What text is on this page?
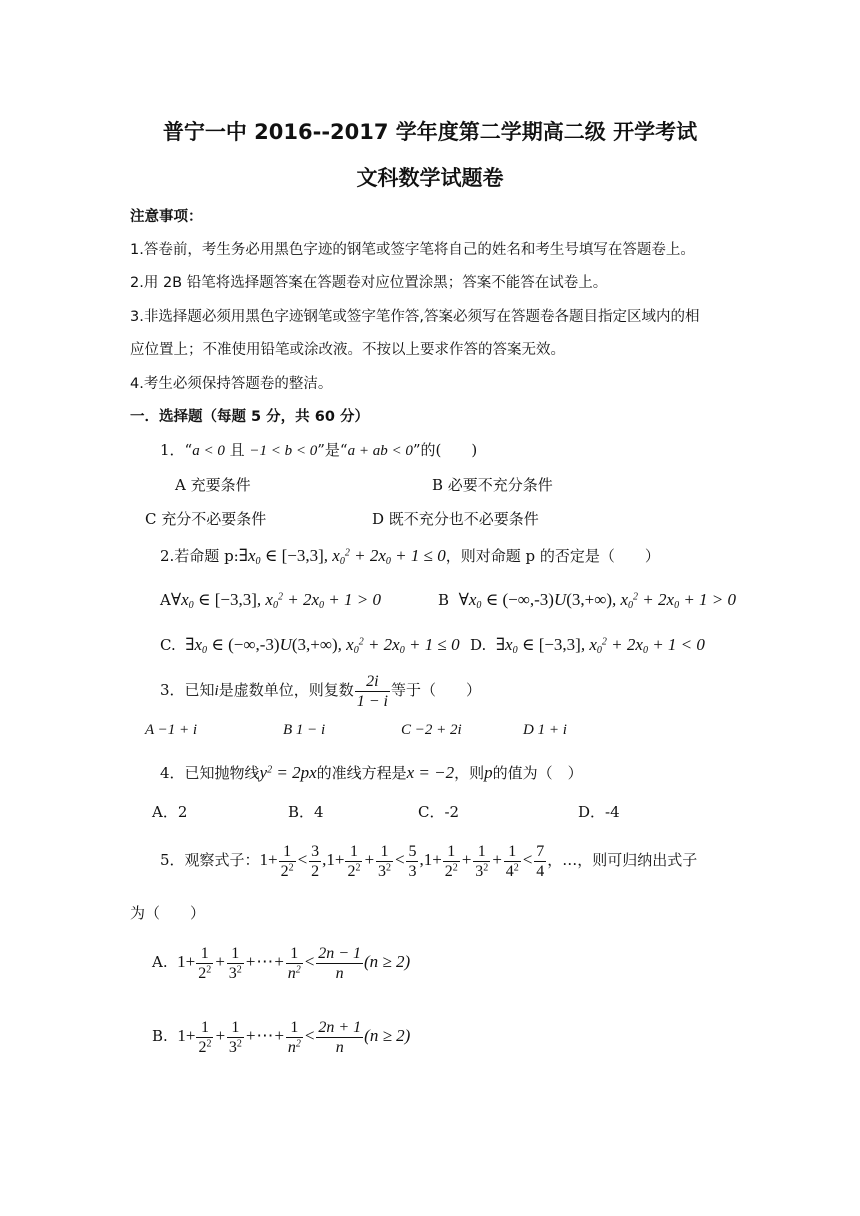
普宁一中 2016--2017 学年度第二学期高二级 开学考试
文科数学试题卷
注意事项：
1.答卷前，考生务必用黑色字迹的钢笔或签字笔将自己的姓名和考生号填写在答题卷上。
2.用 2B 铅笔将选择题答案在答题卷对应位置涂黑；答案不能答在试卷上。
3.非选择题必须用黑色字迹钢笔或签字笔作答,答案必须写在答题卷各题目指定区域内的相
应位置上；不准使用铅笔或涂改液。不按以上要求作答的答案无效。
4.考生必须保持答题卷的整洁。
一．选择题（每题 5 分，共 60 分）
1．“a < 0 且 −1 < b < 0”是“a + ab < 0”的(　　)
A 充要条件	B 必要不充分条件
C 充分不必要条件	D 既不充分也不必要条件
2.若命题 $p:\exists x_0$ ∈ [−3,3], $x_0^2 + 2x_0 + 1 \le 0$，则对命题 p 的否定是（　　）
$A\forall x_0$ ∈ [−3,3], $x_0^2 + 2x_0 + 1 > 0$	B $\forall x_0$ ∈ (−∞,-3)U(3,+∞), $x_0^2 + 2x_0 + 1 > 0$
C. $\exists x_0$ ∈ (−∞,-3)U(3,+∞), $x_0^2 + 2x_0 + 1 \le 0$ D. $\exists x_0$ ∈ [−3,3], $x_0^2 + 2x_0 + 1 < 0$
3．已知i是虚数单位，则复数 $\frac{2i}{1 - i}$ 等于（　　）
A −1 + i	B 1 − i	C −2 + 2i	D 1 + i
4．已知抛物线$y^2 = 2px$的准线方程是x = −2，则p的值为（　）
A．2	B．4	C．-2	D．-4
5．观察式子：$1+ \frac{1}{2^2} < \frac{3}{2} ,1+ \frac{1}{2^2} + \frac{1}{3^2} < \frac{5}{3} ,1+ \frac{1}{2^2} + \frac{1}{3^2} + \frac{1}{4^2} < \frac{7}{4}$ ，…，则可归纳出式子
为（　　）
A. $1+ \frac{1}{2^2} + \frac{1}{3^2}$ +⋯+ $\frac{1}{n^2} < \frac{2n - 1}{n} (n \ge 2)$
B. $1+ \frac{1}{2^2} + \frac{1}{3^2}$ +⋯+ $\frac{1}{n^2} < \frac{2n + 1}{n} (n \ge 2)$
